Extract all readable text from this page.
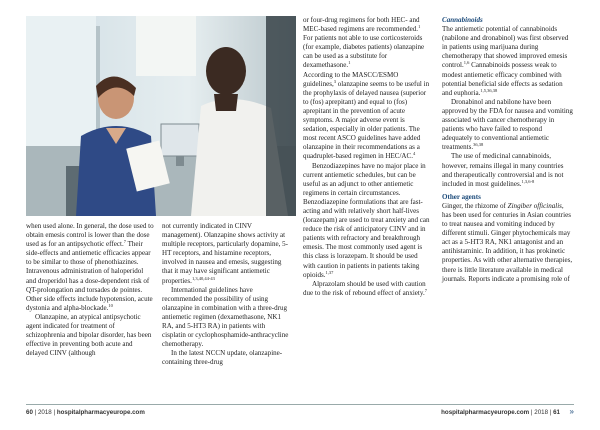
when used alone. In general, the dose used to obtain emesis control is lower than the dose used as for an antipsychotic effect.$^7$ Their side-effects and antiemetic efficacies appear to be similar to those of phenothiazines. Intravenous administration of haloperidol and droperidol has a dose-dependent risk of QT-prolongation and torsades de pointes. Other side effects include hypotension, acute dystonia and alpha-blockade.$^{10}$

Olanzapine, an atypical antipsychotic agent indicated for treatment of schizophrenia and bipolar disorder, has been effective in preventing both acute and delayed CINV (although

not currently indicated in CINV management). Olanzapine shows activity at multiple receptors, particularly dopamine, 5-HT receptors, and histamine receptors, involved in nausea and emesis, suggesting that it may have significant antiemetic properties.$^{1,3,40,44-43}$

International guidelines have recommended the possibility of using olanzapine in combination with a three-drug antiemetic regimen (dexamethasone, NK1 RA, and 5-HT3 RA) in patients with cisplatin or cyclophosphamide-anthracycline chemotherapy.

In the latest NCCN update, olanzapine-containing three-drug

or four-drug regimens for both HEC- and MEC-based regimens are recommended.$^1$ For patients not able to use corticosteroids (for example, diabetes patients) olanzapine can be used as a substitute for dexamethasone.$^1$

According to the MASCC/ESMO guidelines,$^3$ olanzapine seems to be useful in the prophylaxis of delayed nausea (superior to (fos) aprepitant) and equal to (fos) aprepitant in the prevention of acute symptoms. A major adverse event is sedation, especially in older patients. The most recent ASCO guidelines have added olanzapine in their recommendations as a quadruplet-based regimen in HEC/AC.$^4$

Benzodiazepines have no major place in current antiemetic schedules, but can be useful as an adjunct to other antiemetic regimens in certain circumstances. Benzodiazepine formulations that are fast-acting and with relatively short half-lives (lorazepam) are used to treat anxiety and can reduce the risk of anticipatory CINV and in patients with refractory and breakthrough emesis. The most commonly used agent is this class is lorazepam. It should be used with caution in patients in patients taking opioids.$^{1,37}$

Alprazolam should be used with caution due to the risk of rebound effect of anxiety.$^7$

Cannabinoids

The antiemetic potential of cannabinoids (nabilone and dronabinol) was first observed in patients using marijuana during chemotherapy that showed improved emesis control.$^{1,6}$ Cannabinoids possess weak to modest antiemetic efficacy combined with potential beneficial side effects as sedation and euphoria.$^{1,5,36,38}$

Dronabinol and nabilone have been approved by the FDA for nausea and vomiting associated with cancer chemotherapy in patients who have failed to respond adequately to conventional antiemetic treatments.$^{36,38}$

The use of medicinal cannabinoids, however, remains illegal in many countries and therapeutically controversial and is not included in most guidelines.$^{1,3,6-8}$

Other agents

Ginger, the rhizome of Zingiber officinalis, has been used for centuries in Asian countries to treat nausea and vomiting induced by different stimuli. Ginger phytochemicals may act as a 5-HT3 RA, NK1 antagonist and an antihistaminic. In addition, it has prokinetic properties. As with other alternative therapies, there is little literature available in medical journals. Reports indicate a promising role of

60 | 2018 | hospitalpharmacyeurope.com	hospitalpharmacyeurope.com | 2018 | 61 »
